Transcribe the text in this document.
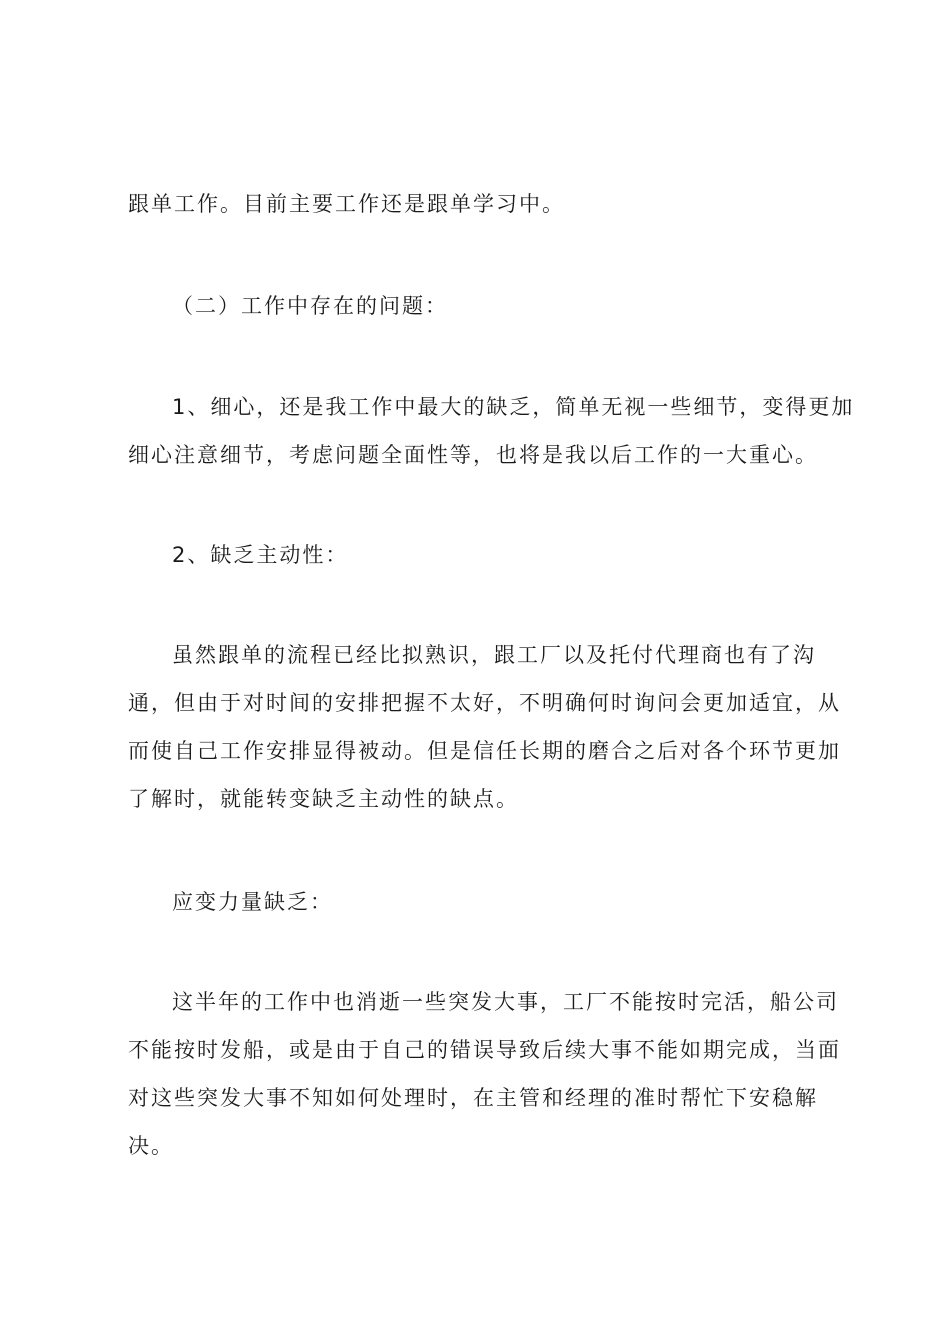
跟单工作。目前主要工作还是跟单学习中。

（二）工作中存在的问题：

1、细心，还是我工作中最大的缺乏，简单无视一些细节，变得更加
细心注意细节，考虑问题全面性等，也将是我以后工作的一大重心。

2、缺乏主动性：

虽然跟单的流程已经比拟熟识，跟工厂以及托付代理商也有了沟
通，但由于对时间的安排把握不太好，不明确何时询问会更加适宜，从
而使自己工作安排显得被动。但是信任长期的磨合之后对各个环节更加
了解时，就能转变缺乏主动性的缺点。

应变力量缺乏：

这半年的工作中也消逝一些突发大事，工厂不能按时完活，船公司
不能按时发船，或是由于自己的错误导致后续大事不能如期完成，当面
对这些突发大事不知如何处理时，在主管和经理的准时帮忙下安稳解
决。
